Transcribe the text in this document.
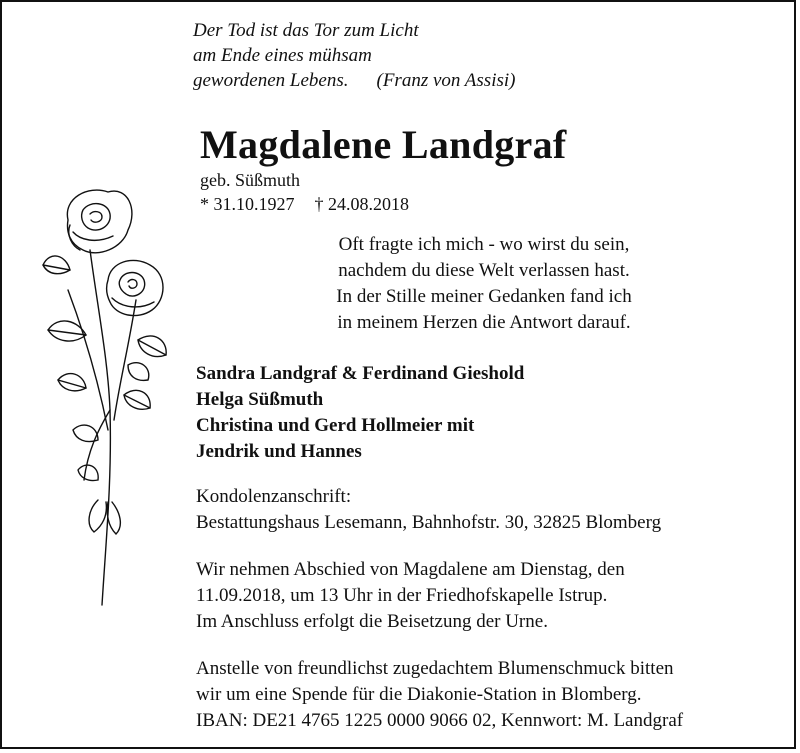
Der Tod ist das Tor zum Licht
am Ende eines mühsam
gewordenen Lebens. (Franz von Assisi)
Magdalene Landgraf
geb. Süßmuth
* 31.10.1927 † 24.08.2018
Oft fragte ich mich - wo wirst du sein,
nachdem du diese Welt verlassen hast.
In der Stille meiner Gedanken fand ich
in meinem Herzen die Antwort darauf.
Sandra Landgraf & Ferdinand Gieshold
Helga Süßmuth
Christina und Gerd Hollmeier mit
Jendrik und Hannes
Kondolenzanschrift:
Bestattungshaus Lesemann, Bahnhofstr. 30, 32825 Blomberg
Wir nehmen Abschied von Magdalene am Dienstag, den
11.09.2018, um 13 Uhr in der Friedhofskapelle Istrup.
Im Anschluss erfolgt die Beisetzung der Urne.
Anstelle von freundlichst zugedachtem Blumenschmuck bitten
wir um eine Spende für die Diakonie-Station in Blomberg.
IBAN: DE21 4765 1225 0000 9066 02, Kennwort: M. Landgraf
